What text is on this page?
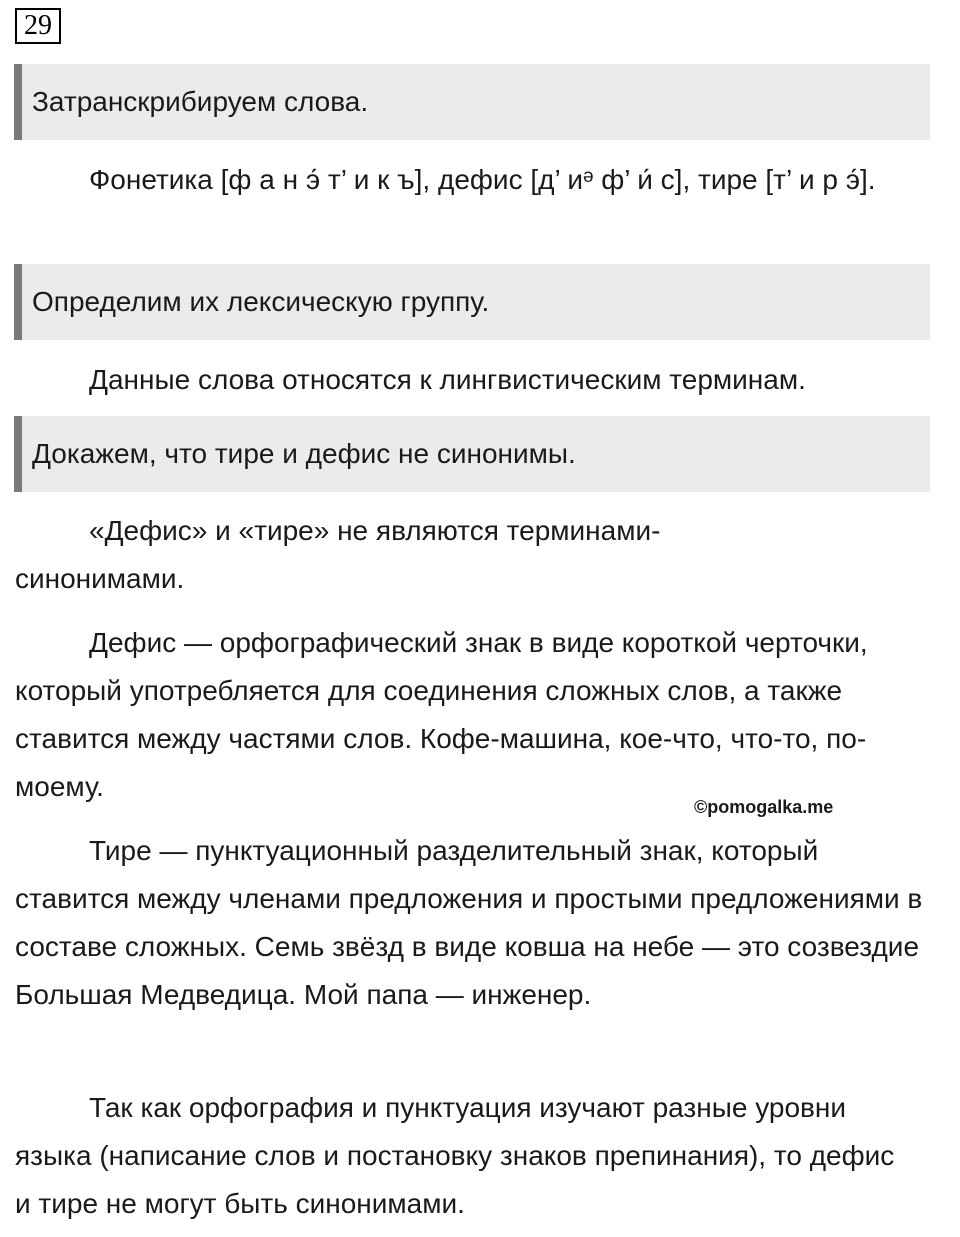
29
Затранскрибируем слова.
Фонетика [ф а н э́ т’ и к ъ], дефис [д’ иᵊ ф’ и́ с], тире [т’ и р э́].
Определим их лексическую группу.
Данные слова относятся к лингвистическим терминам.
Докажем, что тире и дефис не синонимы.
«Дефис» и «тире» не являются терминами-синонимами.
Дефис — орфографический знак в виде короткой черточки, который употребляется для соединения сложных слов, а также ставится между частями слов. Кофе-машина, кое-что, что-то, по-моему.
©pomogalka.me
Тире — пунктуационный разделительный знак, который ставится между членами предложения и простыми предложениями в составе сложных. Семь звёзд в виде ковша на небе — это созвездие Большая Медведица. Мой папа — инженер.
Так как орфография и пунктуация изучают разные уровни языка (написание слов и постановку знаков препинания), то дефис и тире не могут быть синонимами.
